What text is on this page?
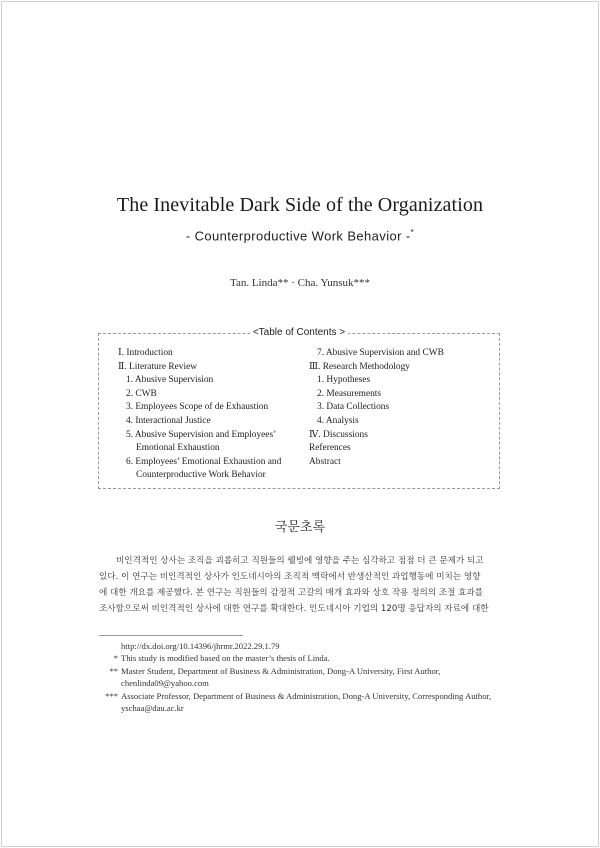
The Inevitable Dark Side of the Organization
- Counterproductive Work Behavior -*
Tan. Linda** · Cha. Yunsuk***
<Table of Contents >
Ⅰ. Introduction
Ⅱ. Literature Review
1. Abusive Supervision
2. CWB
3. Employees Scope of de Exhaustion
4. Interactional Justice
5. Abusive Supervision and Employees’
Emotional Exhaustion
6. Employees’ Emotional Exhaustion and
Counterproductive Work Behavior
7. Abusive Supervision and CWB
Ⅲ. Research Methodology
1. Hypotheses
2. Measurements
3. Data Collections
4. Analysis
Ⅳ. Discussions
References
Abstract
국문초록
비인격적인 상사는 조직을 괴롭히고 직원들의 웰빙에 영향을 주는 심각하고 점점 더 큰 문제가 되고
있다. 이 연구는 비인격적인 상사가 인도네시아의 조직적 맥락에서 반생산적인 과업행동에 미치는 영향
에 대한 개요를 제공했다. 본 연구는 직원들의 감정적 고갈의 매개 효과와 상호 작용 정의의 조절 효과를
조사함으로써 비인격적인 상사에 대한 연구를 확대한다. 인도네시아 기업의 120명 응답자의 자료에 대한
http://dx.doi.org/10.14396/jhrmr.2022.29.1.79
* This study is modified based on the master’s thesis of Linda.
** Master Student, Department of Business & Administration, Dong-A University, First Author, chenlinda09@yahoo.com
*** Associate Professor, Department of Business & Administration, Dong-A University, Corresponding Author, yschaa@dau.ac.kr
